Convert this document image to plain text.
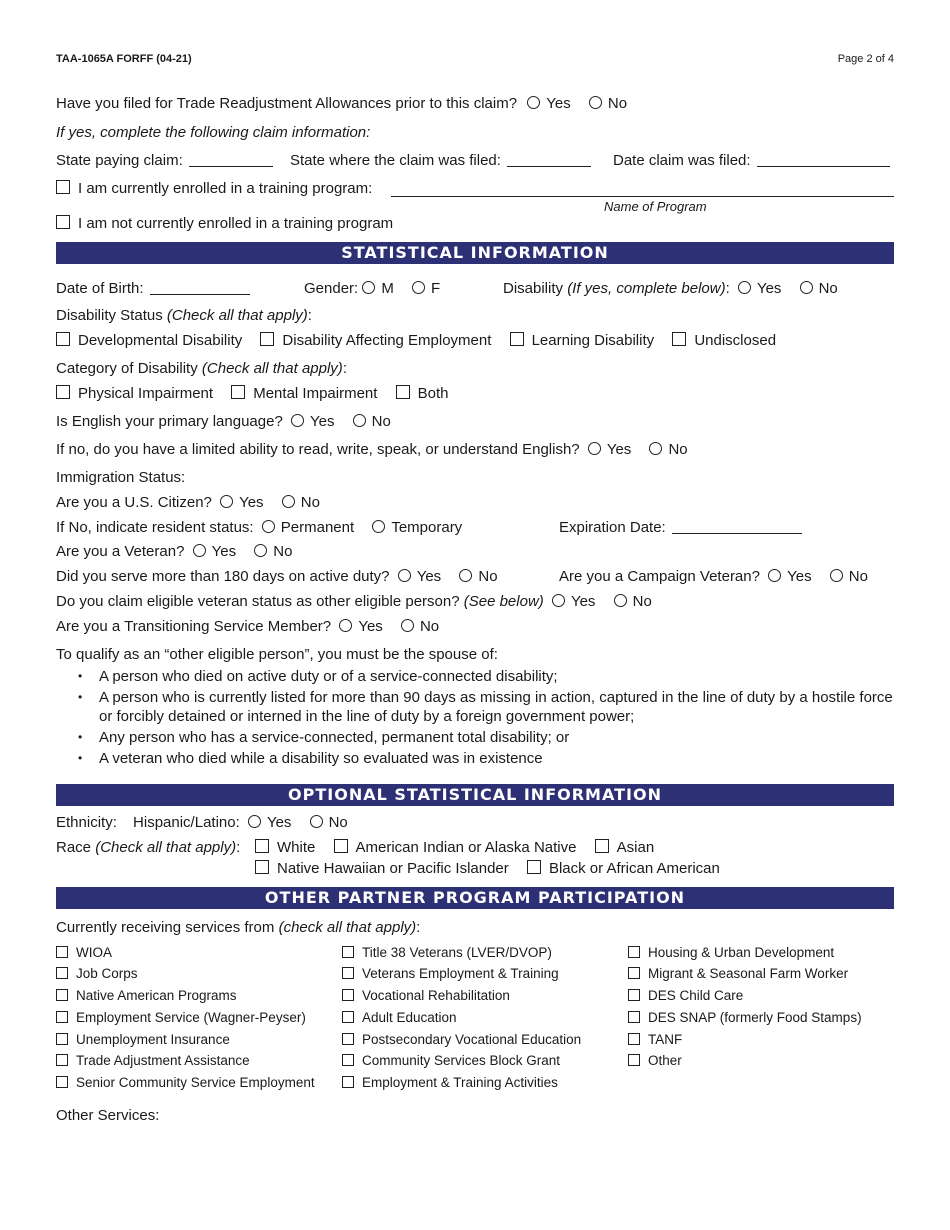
TAA-1065A FORFF (04-21)	Page 2 of 4
Have you filed for Trade Readjustment Allowances prior to this claim? Yes No
If yes, complete the following claim information:
State paying claim:	State where the claim was filed:	Date claim was filed:
I am currently enrolled in a training program:
Name of Program
I am not currently enrolled in a training program
STATISTICAL INFORMATION
Date of Birth:	Gender: M F	Disability (If yes, complete below): Yes No
Disability Status (Check all that apply):
Developmental Disability	Disability Affecting Employment	Learning Disability	Undisclosed
Category of Disability (Check all that apply):
Physical Impairment	Mental Impairment	Both
Is English your primary language? Yes No
If no, do you have a limited ability to read, write, speak, or understand English? Yes No
Immigration Status:
Are you a U.S. Citizen? Yes No
If No, indicate resident status: Permanent Temporary	Expiration Date:
Are you a Veteran? Yes No
Did you serve more than 180 days on active duty? Yes No	Are you a Campaign Veteran? Yes No
Do you claim eligible veteran status as other eligible person? (See below) Yes No
Are you a Transitioning Service Member? Yes No
To qualify as an “other eligible person”, you must be the spouse of:
• A person who died on active duty or of a service-connected disability;
• A person who is currently listed for more than 90 days as missing in action, captured in the line of duty by a hostile force or forcibly detained or interned in the line of duty by a foreign government power;
• Any person who has a service-connected, permanent total disability; or
• A veteran who died while a disability so evaluated was in existence
OPTIONAL STATISTICAL INFORMATION
Ethnicity: Hispanic/Latino: Yes No
Race (Check all that apply):	White	American Indian or Alaska Native	Asian
Native Hawaiian or Pacific Islander	Black or African American
OTHER PARTNER PROGRAM PARTICIPATION
Currently receiving services from (check all that apply):
WIOA
Job Corps
Native American Programs
Employment Service (Wagner-Peyser)
Unemployment Insurance
Trade Adjustment Assistance
Senior Community Service Employment
Title 38 Veterans (LVER/DVOP)
Veterans Employment & Training
Vocational Rehabilitation
Adult Education
Postsecondary Vocational Education
Community Services Block Grant
Employment & Training Activities
Housing & Urban Development
Migrant & Seasonal Farm Worker
DES Child Care
DES SNAP (formerly Food Stamps)
TANF
Other
Other Services:
